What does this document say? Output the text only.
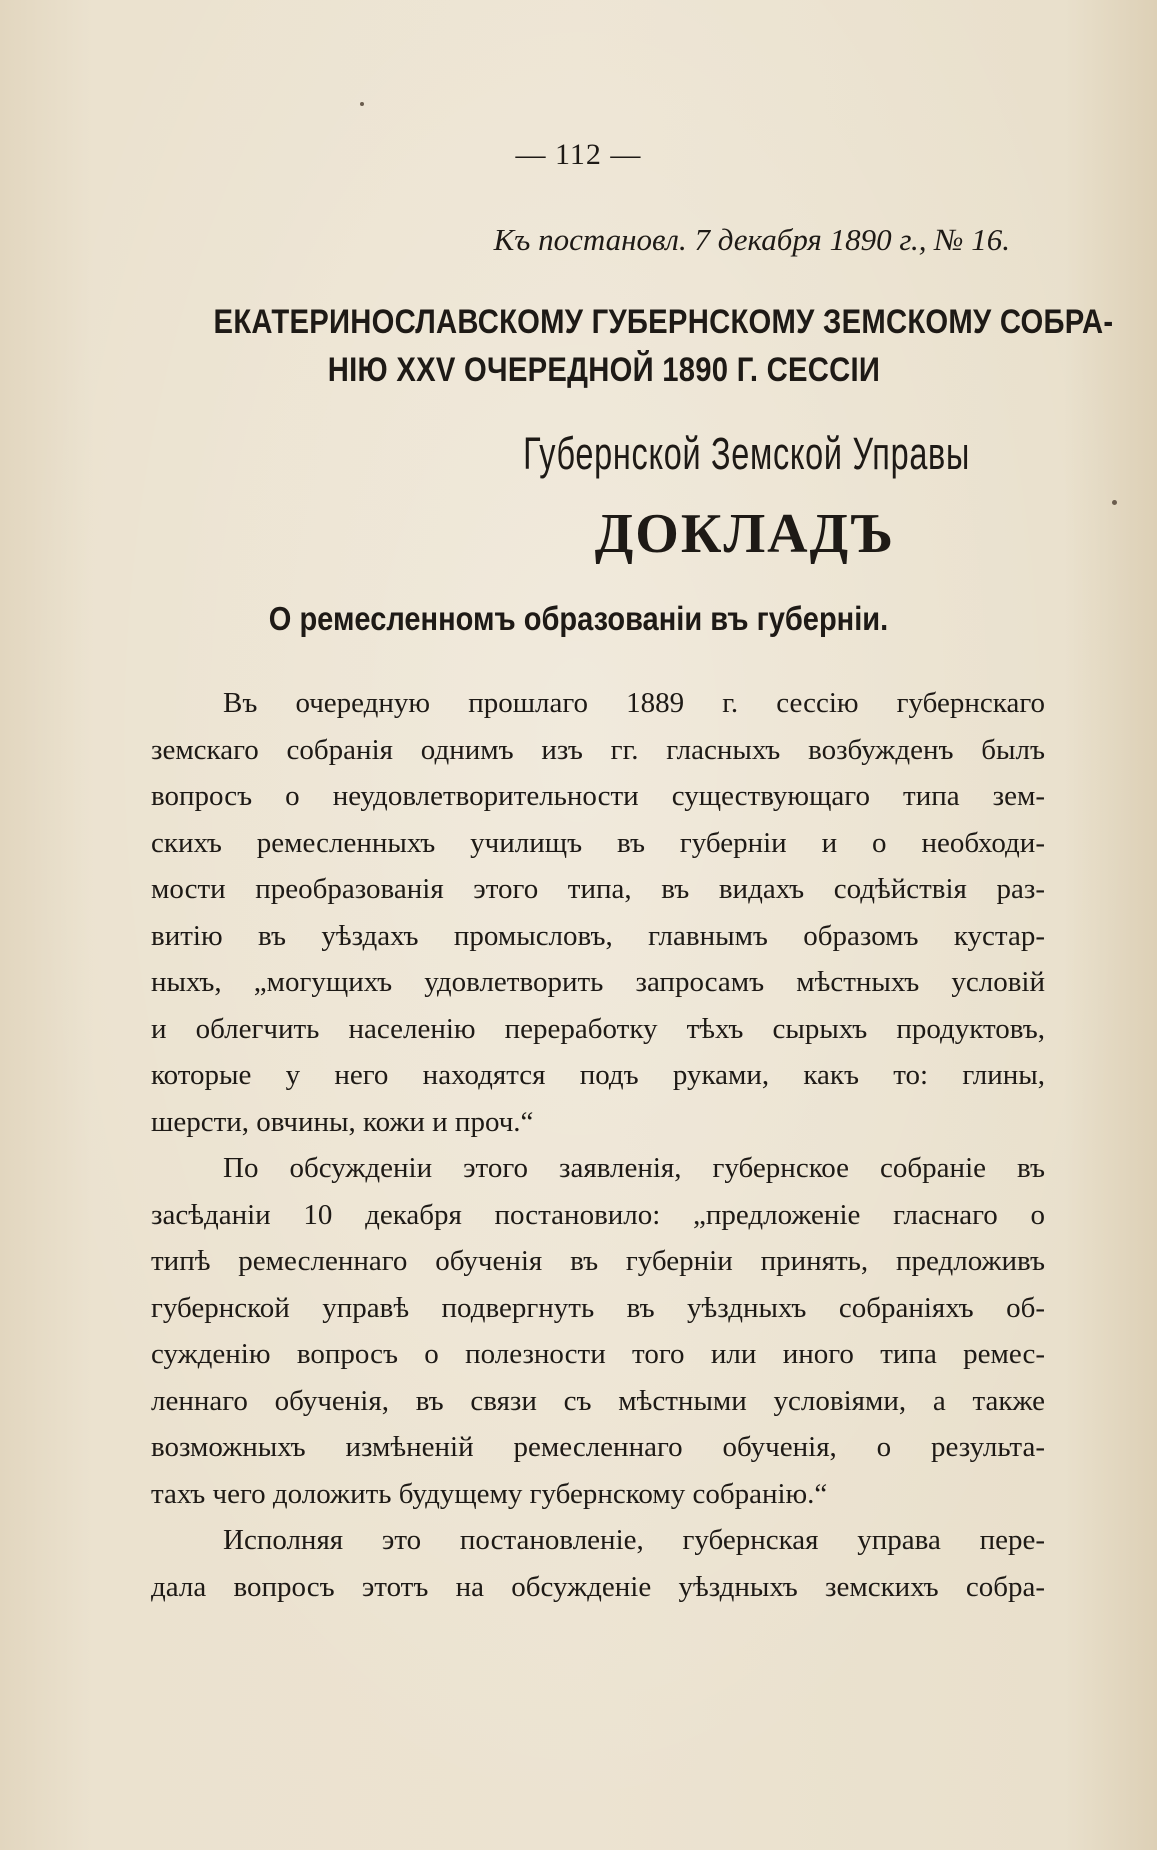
— 112 —
Къ постановл. 7 декабря 1890 г., № 16.
ЕКАТЕРИНОСЛАВСКОМУ ГУБЕРНСКОМУ ЗЕМСКОМУ СОБРА-
НІЮ XXV ОЧЕРЕДНОЙ 1890 Г. СЕССІИ
Губернской Земской Управы
ДОКЛАДЪ
О ремесленномъ образованіи въ губерніи.
Въ очередную прошлаго 1889 г. сессію губернскаго
земскаго собранія однимъ изъ гг. гласныхъ возбужденъ былъ
вопросъ о неудовлетворительности существующаго типа зем-
скихъ ремесленныхъ училищъ въ губерніи и о необходи-
мости преобразованія этого типа, въ видахъ содѣйствія раз-
витію въ уѣздахъ промысловъ, главнымъ образомъ кустар-
ныхъ, „могущихъ удовлетворить запросамъ мѣстныхъ условій
и облегчить населенію переработку тѣхъ сырыхъ продуктовъ,
которые у него находятся подъ руками, какъ то: глины,
шерсти, овчины, кожи и проч.“
По обсужденіи этого заявленія, губернское собраніе въ
засѣданіи 10 декабря постановило: „предложеніе гласнаго о
типѣ ремесленнаго обученія въ губерніи принять, предложивъ
губернской управѣ подвергнуть въ уѣздныхъ собраніяхъ об-
сужденію вопросъ о полезности того или иного типа ремес-
леннаго обученія, въ связи съ мѣстными условіями, а также
возможныхъ измѣненій ремесленнаго обученія, о результа-
тахъ чего доложить будущему губернскому собранію.“
Исполняя это постановленіе, губернская управа пере-
дала вопросъ этотъ на обсужденіе уѣздныхъ земскихъ собра-
